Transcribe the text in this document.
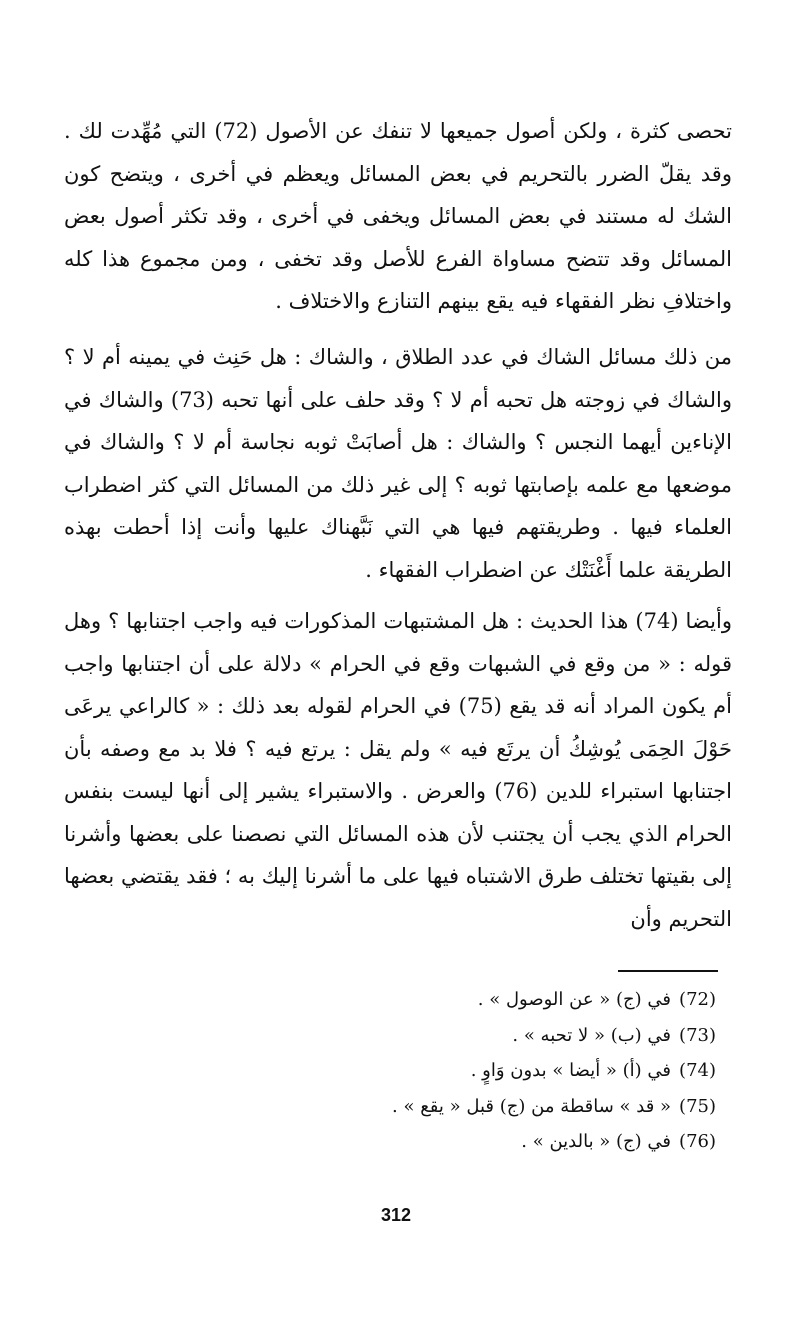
تحصى كثرة ، ولكن أصول جميعها لا تنفك عن الأصول (72) التي مُهِّدت لك . وقد يقلّ الضرر بالتحريم في بعض المسائل ويعظم في أخرى ، ويتضح كون الشك له مستند في بعض المسائل ويخفى في أخرى ، وقد تكثر أصول بعض المسائل وقد تتضح مساواة الفرع للأصل وقد تخفى ، ومن مجموع هذا كله واختلافِ نظر الفقهاء فيه يقع بينهم التنازع والاختلاف .

من ذلك مسائل الشاك في عدد الطلاق ، والشاك : هل حَنِث في يمينه أم لا ؟ والشاك في زوجته هل تحبه أم لا ؟ وقد حلف على أنها تحبه (73) والشاك في الإناءين أيهما النجس ؟ والشاك : هل أصابَتْ ثوبه نجاسة أم لا ؟ والشاك في موضعها مع علمه بإصابتها ثوبه ؟ إلى غير ذلك من المسائل التي كثر اضطراب العلماء فيها . وطريقتهم فيها هي التي نَبَّهناك عليها وأنت إذا أحطت بهذه الطريقة علما أَغْنَتْك عن اضطراب الفقهاء .

وأيضا (74) هذا الحديث : هل المشتبهات المذكورات فيه واجب اجتنابها ؟ وهل قوله : « من وقع في الشبهات وقع في الحرام » دلالة على أن اجتنابها واجب أم يكون المراد أنه قد يقع (75) في الحرام لقوله بعد ذلك : « كالراعي يرعَى حَوْلَ الحِمَى يُوشِكُ أن يرتَع فيه » ولم يقل : يرتع فيه ؟ فلا بد مع وصفه بأن اجتنابها استبراء للدين (76) والعرض . والاستبراء يشير إلى أنها ليست بنفس الحرام الذي يجب أن يجتنب لأن هذه المسائل التي نصصنا على بعضها وأشرنا إلى بقيتها تختلف طرق الاشتباه فيها على ما أشرنا إليك به ؛ فقد يقتضي بعضها التحريم وأن

(72)
في (ج) « عن الوصول » .
(73)
في (ب) « لا تحبه » .
(74)
في (أ) « أيضا » بدون وَاوٍ .
(75)
« قد » ساقطة من (ج) قبل « يقع » .
(76)
في (ج) « بالدين » .
312
